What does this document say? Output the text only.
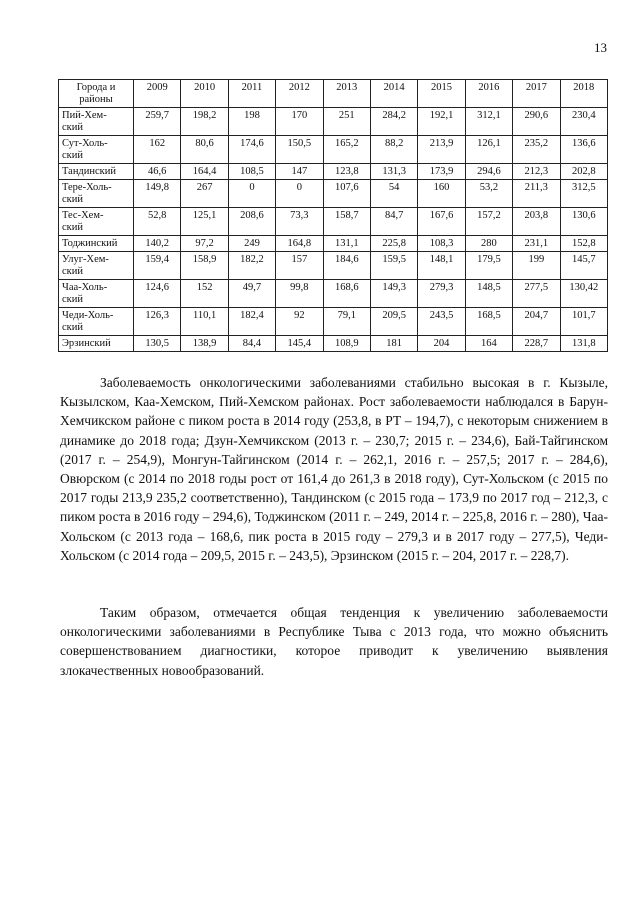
13
Города и
районы	2009	2010	2011	2012	2013	2014	2015	2016	2017	2018
Пий-Хем-
ский	259,7	198,2	198	170	251	284,2	192,1	312,1	290,6	230,4
Сут-Холь-
ский	162	80,6	174,6	150,5	165,2	88,2	213,9	126,1	235,2	136,6
Тандинский	46,6	164,4	108,5	147	123,8	131,3	173,9	294,6	212,3	202,8
Тере-Холь-
ский	149,8	267	0	0	107,6	54	160	53,2	211,3	312,5
Тес-Хем-
ский	52,8	125,1	208,6	73,3	158,7	84,7	167,6	157,2	203,8	130,6
Тоджинский	140,2	97,2	249	164,8	131,1	225,8	108,3	280	231,1	152,8
Улуг-Хем-
ский	159,4	158,9	182,2	157	184,6	159,5	148,1	179,5	199	145,7
Чаа-Холь-
ский	124,6	152	49,7	99,8	168,6	149,3	279,3	148,5	277,5	130,42
Чеди-Холь-
ский	126,3	110,1	182,4	92	79,1	209,5	243,5	168,5	204,7	101,7
Эрзинский	130,5	138,9	84,4	145,4	108,9	181	204	164	228,7	131,8

Заболеваемость онкологическими заболеваниями стабильно высокая в г. Кызыле, Кызылском, Каа-Хемском, Пий-Хемском районах. Рост заболеваемости наблюдался в Барун-Хемчикском районе с пиком роста в 2014 году (253,8, в РТ – 194,7), с некоторым снижением в динамике до 2018 года; Дзун-Хемчикском (2013 г. – 230,7; 2015 г. – 234,6), Бай-Тайгинском (2017 г. – 254,9), Монгун-Тайгинском (2014 г. – 262,1, 2016 г. – 257,5; 2017 г. – 284,6), Овюрском (с 2014 по 2018 годы рост от 161,4 до 261,3 в 2018 году), Сут-Хольском (с 2015 по 2017 годы 213,9 235,2 соответственно), Тандинском (с 2015 года – 173,9 по 2017 год – 212,3, с пиком роста в 2016 году – 294,6), Тоджинском (2011 г. – 249, 2014 г. – 225,8, 2016 г. – 280), Чаа-Хольском (с 2013 года – 168,6, пик роста в 2015 году – 279,3 и в 2017 году – 277,5), Чеди-Хольском (с 2014 года – 209,5, 2015 г. – 243,5), Эрзинском (2015 г. – 204, 2017 г. – 228,7).

Таким образом, отмечается общая тенденция к увеличению заболеваемости онкологическими заболеваниями в Республике Тыва с 2013 года, что можно объяснить совершенствованием диагностики, которое приводит к увеличению выявления злокачественных новообразований.
